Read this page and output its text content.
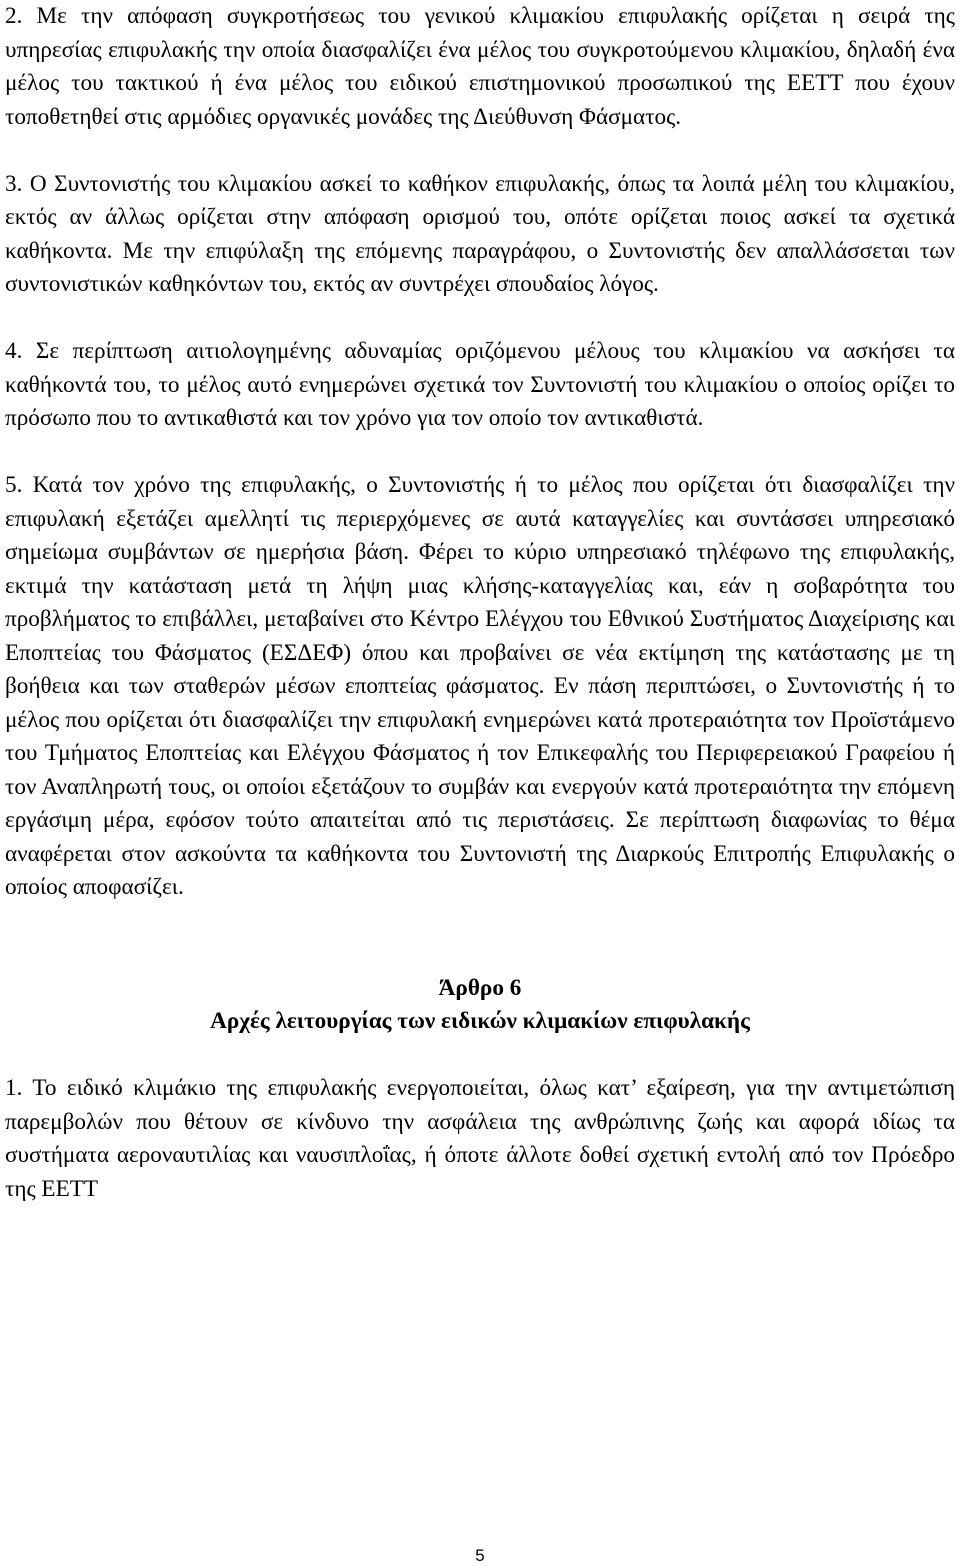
2. Με την απόφαση συγκροτήσεως του γενικού κλιμακίου επιφυλακής ορίζεται η σειρά της υπηρεσίας επιφυλακής την οποία διασφαλίζει ένα μέλος του συγκροτούμενου κλιμακίου, δηλαδή ένα μέλος του τακτικού ή ένα μέλος του ειδικού επιστημονικού προσωπικού της ΕΕΤΤ που έχουν τοποθετηθεί στις αρμόδιες οργανικές μονάδες της Διεύθυνση Φάσματος.

3. Ο Συντονιστής του κλιμακίου ασκεί το καθήκον επιφυλακής, όπως τα λοιπά μέλη του κλιμακίου, εκτός αν άλλως ορίζεται στην απόφαση ορισμού του, οπότε ορίζεται ποιος ασκεί τα σχετικά καθήκοντα. Με την επιφύλαξη της επόμενης παραγράφου, ο Συντονιστής δεν απαλλάσσεται των συντονιστικών καθηκόντων του, εκτός αν συντρέχει σπουδαίος λόγος.

4. Σε περίπτωση αιτιολογημένης αδυναμίας οριζόμενου μέλους του κλιμακίου να ασκήσει τα καθήκοντά του, το μέλος αυτό ενημερώνει σχετικά τον Συντονιστή του κλιμακίου ο οποίος ορίζει το πρόσωπο που το αντικαθιστά και τον χρόνο για τον οποίο τον αντικαθιστά.

5. Κατά τον χρόνο της επιφυλακής, ο Συντονιστής ή το μέλος που ορίζεται ότι διασφαλίζει την επιφυλακή εξετάζει αμελλητί τις περιερχόμενες σε αυτά καταγγελίες και συντάσσει υπηρεσιακό σημείωμα συμβάντων σε ημερήσια βάση. Φέρει το κύριο υπηρεσιακό τηλέφωνο της επιφυλακής, εκτιμά την κατάσταση μετά τη λήψη μιας κλήσης-καταγγελίας και, εάν η σοβαρότητα του προβλήματος το επιβάλλει, μεταβαίνει στο Κέντρο Ελέγχου του Εθνικού Συστήματος Διαχείρισης και Εποπτείας του Φάσματος (ΕΣΔΕΦ) όπου και προβαίνει σε νέα εκτίμηση της κατάστασης με τη βοήθεια και των σταθερών μέσων εποπτείας φάσματος. Εν πάση περιπτώσει, ο Συντονιστής ή το μέλος που ορίζεται ότι διασφαλίζει την επιφυλακή ενημερώνει κατά προτεραιότητα τον Προϊστάμενο του Τμήματος Εποπτείας και Ελέγχου Φάσματος ή τον Επικεφαλής του Περιφερειακού Γραφείου ή τον Αναπληρωτή τους, οι οποίοι εξετάζουν το συμβάν και ενεργούν κατά προτεραιότητα την επόμενη εργάσιμη μέρα, εφόσον τούτο απαιτείται από τις περιστάσεις. Σε περίπτωση διαφωνίας το θέμα αναφέρεται στον ασκούντα τα καθήκοντα του Συντονιστή της Διαρκούς Επιτροπής Επιφυλακής ο οποίος αποφασίζει.

Άρθρο 6

Αρχές λειτουργίας των ειδικών κλιμακίων επιφυλακής

1. Το ειδικό κλιμάκιο της επιφυλακής ενεργοποιείται, όλως κατ’ εξαίρεση, για την αντιμετώπιση παρεμβολών που θέτουν σε κίνδυνο την ασφάλεια της ανθρώπινης ζωής και αφορά ιδίως τα συστήματα αεροναυτιλίας και ναυσιπλοΐας, ή όποτε άλλοτε δοθεί σχετική εντολή από τον Πρόεδρο της ΕΕΤΤ

5
